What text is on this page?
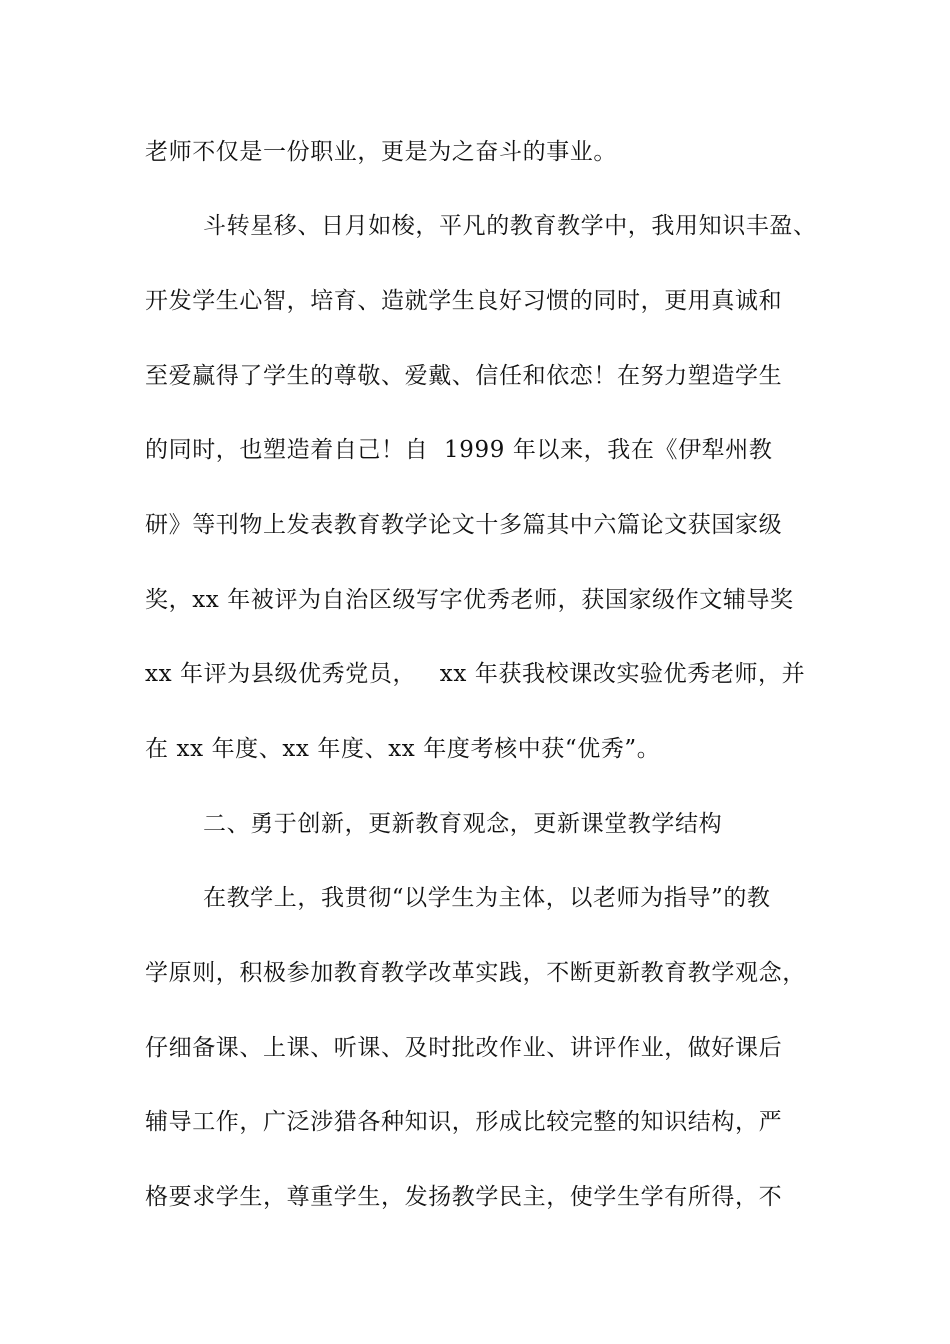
老师不仅是一份职业，更是为之奋斗的事业。
斗转星移、日月如梭，平凡的教育教学中，我用知识丰盈、
开发学生心智，培育、造就学生良好习惯的同时，更用真诚和
至爱赢得了学生的尊敬、爱戴、信任和依恋！在努力塑造学生
的同时，也塑造着自己！自  1999 年以来，我在《伊犁州教
研》等刊物上发表教育教学论文十多篇其中六篇论文获国家级
奖，xx 年被评为自治区级写字优秀老师，获国家级作文辅导奖
xx 年评为县级优秀党员，   xx 年获我校课改实验优秀老师，并
在 xx 年度、xx 年度、xx 年度考核中获“优秀”。
二、勇于创新，更新教育观念，更新课堂教学结构
在教学上，我贯彻“以学生为主体，以老师为指导”的教
学原则，积极参加教育教学改革实践，不断更新教育教学观念，
仔细备课、上课、听课、及时批改作业、讲评作业，做好课后
辅导工作，广泛涉猎各种知识，形成比较完整的知识结构，严
格要求学生，尊重学生，发扬教学民主，使学生学有所得，不
